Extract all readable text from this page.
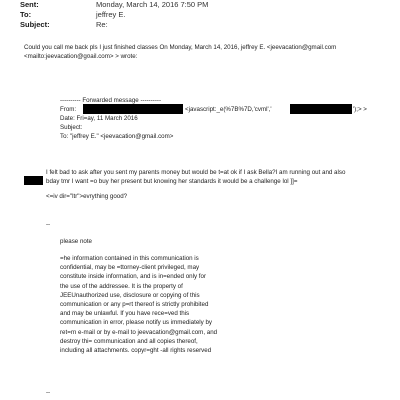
Sent:	Monday, March 14, 2016 7:50 PM
To:	jeffrey E.
Subject:	Re:
Could you call me back pls I just finished classes On Monday, March 14, 2016, jeffrey E. <jeevacation@gmail.com
<mailto:jeevacation@g¤ail.com> > wrote:
---------- Forwarded message ----------
From:	<javascript:_e(%7B%7D,'cvml','	');> >
Date: Fri=ay, 11 March 2016
Subject:
To: "jeffrey E." <jeevacation@gmail.com>
I felt bad to ask after you sent my parents money but would be t=at ok if I ask Bella?I am running out and also
bday tmr I want =o buy her present but knowing her standards it would be a challenge lol ]]=
<=iv dir="ltr">evrything good?
--
please note
=he information contained in this communication is
confidential, may be =ttorney-client privileged, may
constitute inside information, and is in=ended only for
the use of the addressee. It is the property of
JEEUnauthorized use, disclosure or copying of this
communication or any p=rt thereof is strictly prohibited
and may be unlawful. If you have rece=ved this
communication in error, please notify us immediately by
ret=rn e-mail or by e-mail to jeevacation@gmail.com, and
destroy thi= communication and all copies thereof,
including all attachments. copyr=ght -all rights reserved
--
